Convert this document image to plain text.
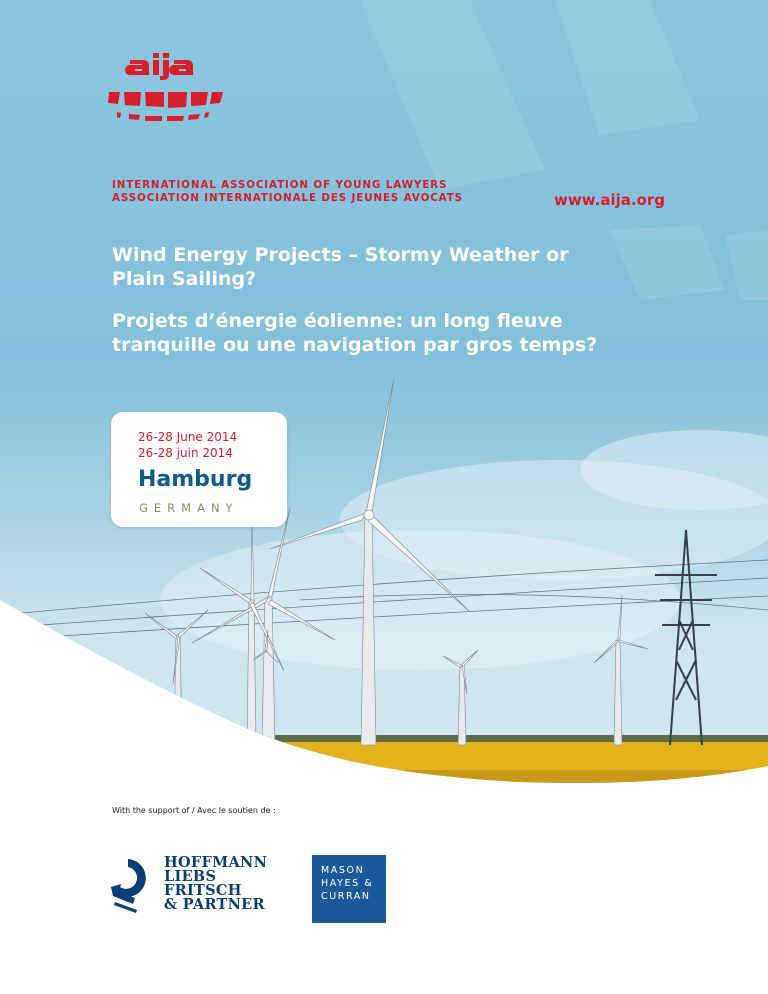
INTERNATIONAL ASSOCIATION OF YOUNG LAWYERS
ASSOCIATION INTERNATIONALE DES JEUNES AVOCATS	www.aija.org
Wind Energy Projects – Stormy Weather or
Plain Sailing?
Projets d’énergie éolienne: un long fleuve
tranquille ou une navigation par gros temps?
26-28 June 2014
26-28 juin 2014
Hamburg
GERMANY
With the support of / Avec le soutien de :
HOFFMANN
LIEBS
FRITSCH
& PARTNER
MASON
HAYES &
CURRAN
